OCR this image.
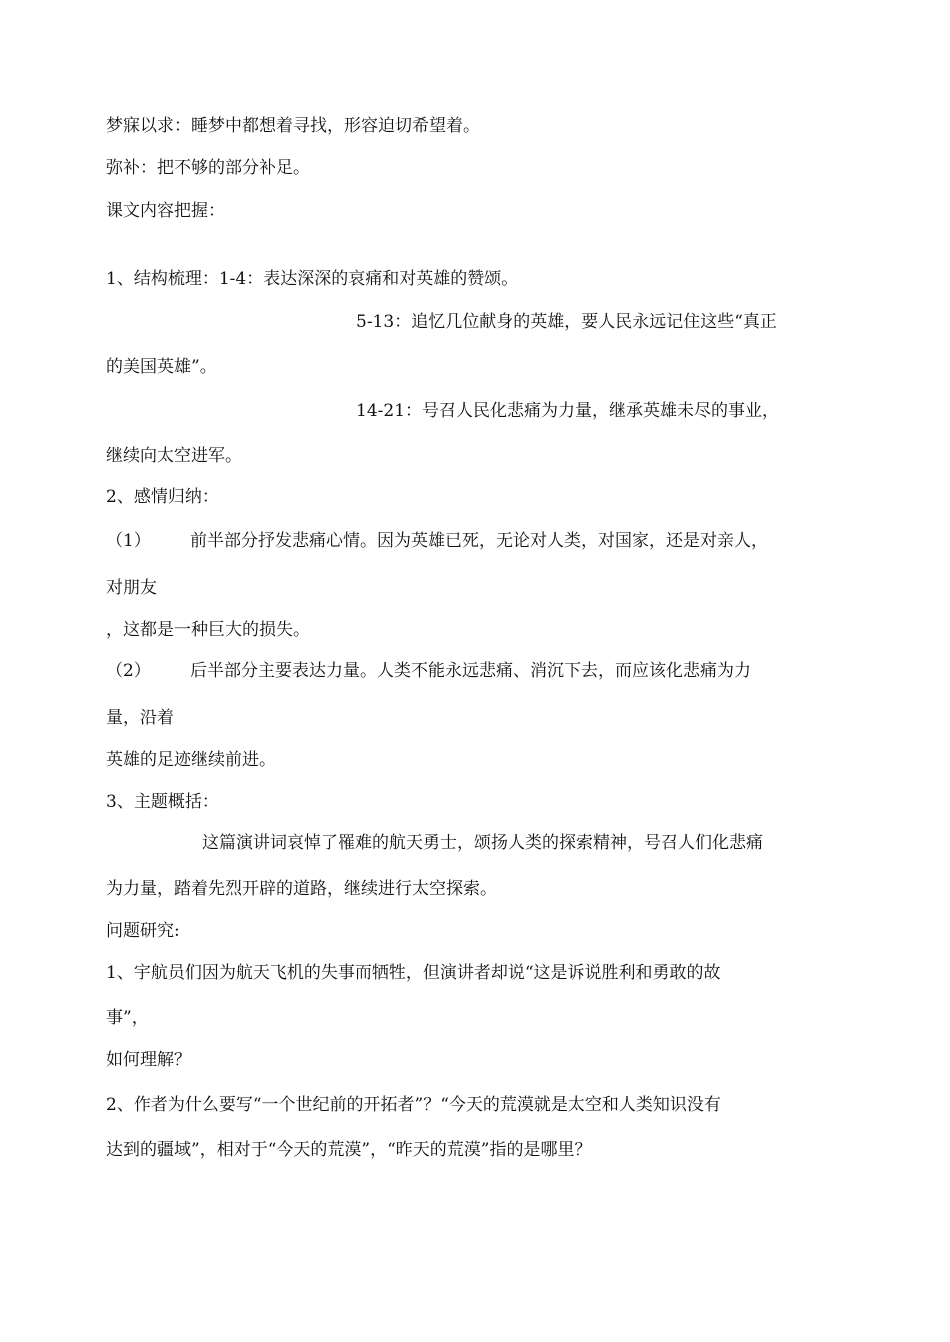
梦寐以求：睡梦中都想着寻找，形容迫切希望着。
弥补：把不够的部分补足。
课文内容把握：
1、结构梳理：1-4：表达深深的哀痛和对英雄的赞颂。
5-13：追忆几位献身的英雄，要人民永远记住这些“真正
的美国英雄”。
14-21：号召人民化悲痛为力量，继承英雄未尽的事业，
继续向太空进军。
2、感情归纳：
（1） 前半部分抒发悲痛心情。因为英雄已死，无论对人类，对国家，还是对亲人，
对朋友
，这都是一种巨大的损失。
（2） 后半部分主要表达力量。人类不能永远悲痛、消沉下去，而应该化悲痛为力
量，沿着
英雄的足迹继续前进。
3、主题概括：
这篇演讲词哀悼了罹难的航天勇士，颂扬人类的探索精神，号召人们化悲痛
为力量，踏着先烈开辟的道路，继续进行太空探索。
问题研究:
1、宇航员们因为航天飞机的失事而牺牲，但演讲者却说“这是诉说胜利和勇敢的故
事”，
如何理解？
2、作者为什么要写“一个世纪前的开拓者”？“今天的荒漠就是太空和人类知识没有
达到的疆域”，相对于“今天的荒漠”，“昨天的荒漠”指的是哪里？
